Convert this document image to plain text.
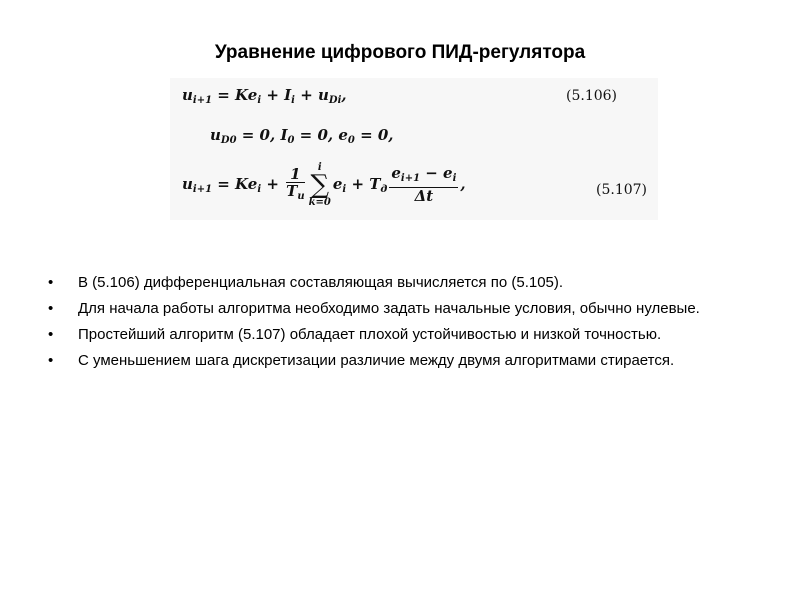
Уравнение цифрового ПИД-регулятора
$u_{i+1} = Ke_i + I_i + u_{Di}$,	(5.106)
$u_{D0} = 0$, $I_0 = 0$, $e_0 = 0$,
$u_{i+1} = Ke_i + \frac{1}{T_и}$	i
∑
k=0
$e_i + T_д \frac{e_{i+1} - e_i}{\Delta t}$ ,	(5.107)
• В (5.106) дифференциальная составляющая вычисляется по (5.105).
• Для начала работы алгоритма необходимо задать начальные условия, обычно нулевые.
• Простейший алгоритм (5.107) обладает плохой устойчивостью и низкой точностью.
• С уменьшением шага дискретизации различие между двумя алгоритмами стирается.
